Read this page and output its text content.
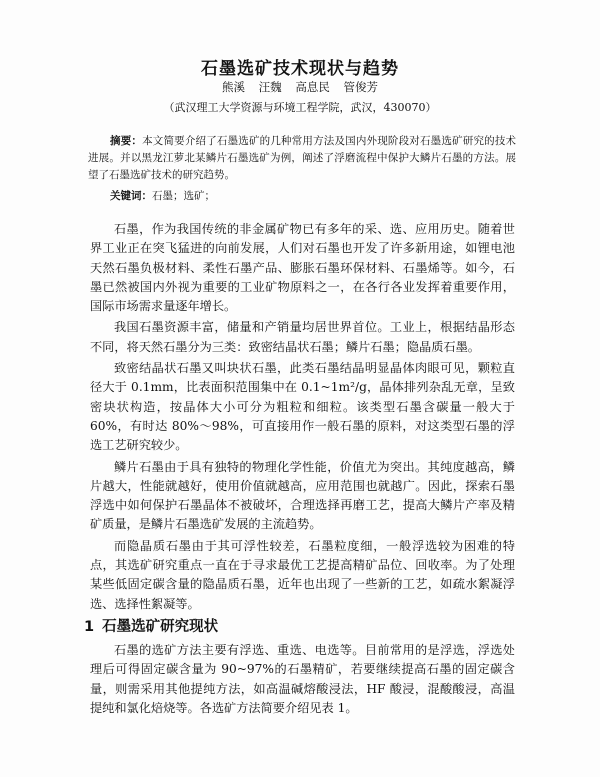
石墨选矿技术现状与趋势
熊溪 汪魏 高息民 管俊芳
（武汉理工大学资源与环境工程学院，武汉，430070）
摘要：本文简要介绍了石墨选矿的几种常用方法及国内外现阶段对石墨选矿研究的技术进展。并以黑龙江萝北某鳞片石墨选矿为例，阐述了浮磨流程中保护大鳞片石墨的方法。展望了石墨选矿技术的研究趋势。
关键词：石墨；选矿；

石墨，作为我国传统的非金属矿物已有多年的采、选、应用历史。随着世界工业正在突飞猛进的向前发展，人们对石墨也开发了许多新用途，如锂电池天然石墨负极材料、柔性石墨产品、膨胀石墨环保材料、石墨烯等。如今，石墨已然被国内外视为重要的工业矿物原料之一，在各行各业发挥着重要作用，国际市场需求量逐年增长。

我国石墨资源丰富，储量和产销量均居世界首位。工业上，根据结晶形态不同，将天然石墨分为三类：致密结晶状石墨；鳞片石墨；隐晶质石墨。

致密结晶状石墨又叫块状石墨，此类石墨结晶明显晶体肉眼可见，颗粒直径大于 0.1mm，比表面积范围集中在 0.1~1m²/g，晶体排列杂乱无章，呈致密块状构造，按晶体大小可分为粗粒和细粒。该类型石墨含碳量一般大于 60%，有时达 80%～98%，可直接用作一般石墨的原料，对这类型石墨的浮选工艺研究较少。

鳞片石墨由于具有独特的物理化学性能，价值尤为突出。其纯度越高，鳞片越大，性能就越好，使用价值就越高，应用范围也就越广。因此，探索石墨浮选中如何保护石墨晶体不被破坏，合理选择再磨工艺，提高大鳞片产率及精矿质量，是鳞片石墨选矿发展的主流趋势。

而隐晶质石墨由于其可浮性较差，石墨粒度细，一般浮选较为困难的特点，其选矿研究重点一直在于寻求最优工艺提高精矿品位、回收率。为了处理某些低固定碳含量的隐晶质石墨，近年也出现了一些新的工艺，如疏水絮凝浮选、选择性絮凝等。

1 石墨选矿研究现状

石墨的选矿方法主要有浮选、重选、电选等。目前常用的是浮选，浮选处理后可得固定碳含量为 90~97%的石墨精矿，若要继续提高石墨的固定碳含量，则需采用其他提纯方法，如高温碱熔酸浸法，HF 酸浸，混酸酸浸，高温提纯和氯化焙烧等。各选矿方法简要介绍见表 1。
